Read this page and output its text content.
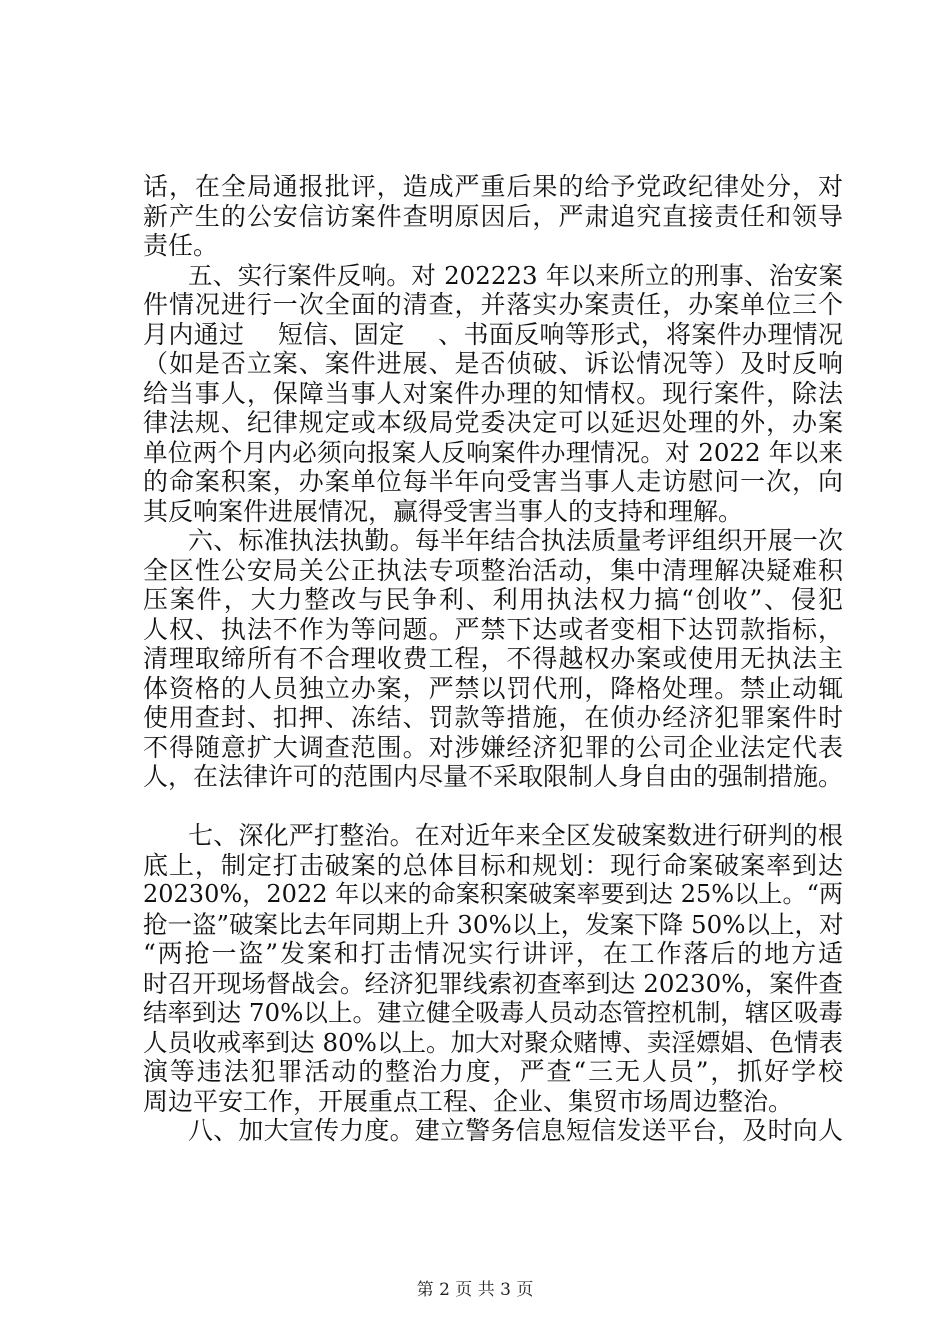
话，在全局通报批评，造成严重后果的给予党政纪律处分，对
新产生的公安信访案件查明原因后，严肃追究直接责任和领导
责任。
五、实行案件反响。对 202223 年以来所立的刑事、治安案
件情况进行一次全面的清查，并落实办案责任，办案单位三个
月内通过　 短信、固定　 、书面反响等形式，将案件办理情况
（如是否立案、案件进展、是否侦破、诉讼情况等）及时反响
给当事人，保障当事人对案件办理的知情权。现行案件，除法
律法规、纪律规定或本级局党委决定可以延迟处理的外，办案
单位两个月内必须向报案人反响案件办理情况。对 2022 年以来
的命案积案，办案单位每半年向受害当事人走访慰问一次，向
其反响案件进展情况，赢得受害当事人的支持和理解。
六、标准执法执勤。每半年结合执法质量考评组织开展一次
全区性公安局关公正执法专项整治活动，集中清理解决疑难积
压案件，大力整改与民争利、利用执法权力搞“创收”、侵犯
人权、执法不作为等问题。严禁下达或者变相下达罚款指标，
清理取缔所有不合理收费工程，不得越权办案或使用无执法主
体资格的人员独立办案，严禁以罚代刑，降格处理。禁止动辄
使用查封、扣押、冻结、罚款等措施，在侦办经济犯罪案件时
不得随意扩大调查范围。对涉嫌经济犯罪的公司企业法定代表
人，在法律许可的范围内尽量不采取限制人身自由的强制措施。
七、深化严打整治。在对近年来全区发破案数进行研判的根
底上，制定打击破案的总体目标和规划：现行命案破案率到达
20230%，2022 年以来的命案积案破案率要到达 25%以上。“两
抢一盗”破案比去年同期上升 30%以上，发案下降 50%以上，对
“两抢一盗”发案和打击情况实行讲评，在工作落后的地方适
时召开现场督战会。经济犯罪线索初查率到达 20230%，案件查
结率到达 70%以上。建立健全吸毒人员动态管控机制，辖区吸毒
人员收戒率到达 80%以上。加大对聚众赌博、卖淫嫖娼、色情表
演等违法犯罪活动的整治力度，严查“三无人员”，抓好学校
周边平安工作，开展重点工程、企业、集贸市场周边整治。
八、加大宣传力度。建立警务信息短信发送平台，及时向人
第 2 页 共 3 页
